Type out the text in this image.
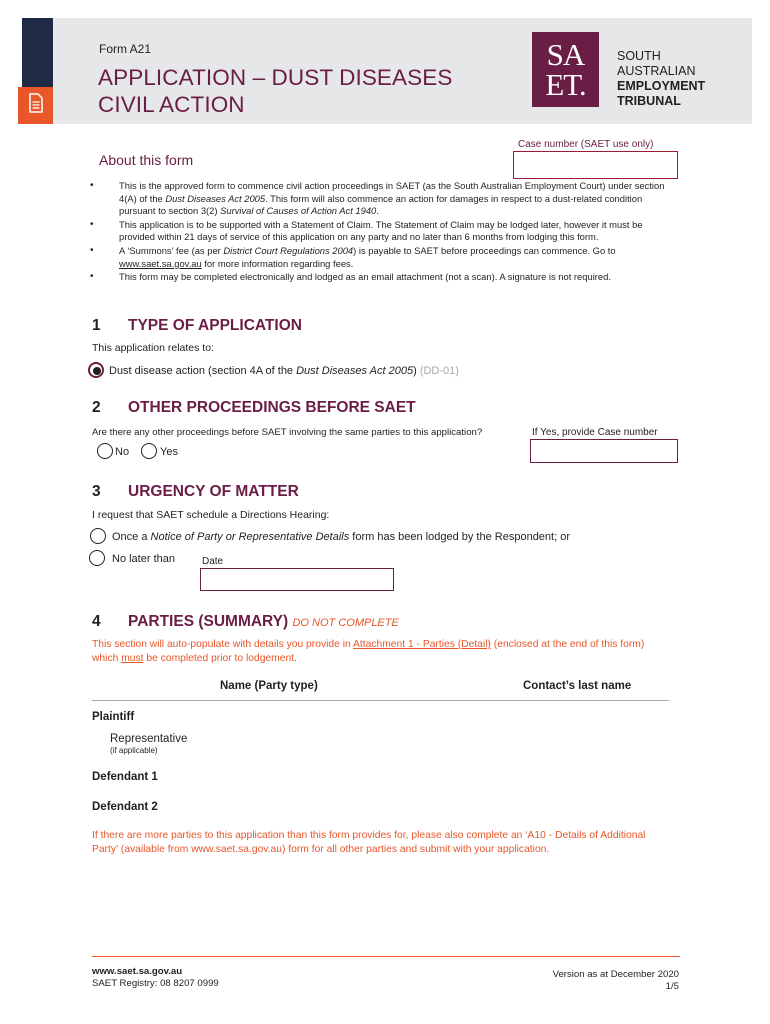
Form A21
APPLICATION – DUST DISEASES
CIVIL ACTION
SA
ET.
SOUTH
AUSTRALIAN
EMPLOYMENT
TRIBUNAL
Case number (SAET use only)
About this form
• This is the approved form to commence civil action proceedings in SAET (as the South Australian Employment Court) under section 4(A) of the Dust Diseases Act 2005. This form will also commence an action for damages in respect to a dust-related condition pursuant to section 3(2) Survival of Causes of Action Act 1940.
• This application is to be supported with a Statement of Claim. The Statement of Claim may be lodged later, however it must be provided within 21 days of service of this application on any party and no later than 6 months from lodging this form.
• A ‘Summons’ fee (as per District Court Regulations 2004) is payable to SAET before proceedings can commence. Go to www.saet.sa.gov.au for more information regarding fees.
• This form may be completed electronically and lodged as an email attachment (not a scan). A signature is not required.
1 TYPE OF APPLICATION
This application relates to:
Dust disease action (section 4A of the Dust Diseases Act 2005) (DD-01)
2 OTHER PROCEEDINGS BEFORE SAET
Are there any other proceedings before SAET involving the same parties to this application?	If Yes, provide Case number
No	Yes
3 URGENCY OF MATTER
I request that SAET schedule a Directions Hearing:
Once a Notice of Party or Representative Details form has been lodged by the Respondent; or
No later than	Date
4 PARTIES (SUMMARY) DO NOT COMPLETE
This section will auto-populate with details you provide in Attachment 1 - Parties (Detail) (enclosed at the end of this form) which must be completed prior to lodgement.
Name (Party type)	Contact’s last name
Plaintiff
Representative
(if applicable)
Defendant 1
Defendant 2
If there are more parties to this application than this form provides for, please also complete an ‘A10 - Details of Additional Party’ (available from www.saet.sa.gov.au) form for all other parties and submit with your application.
www.saet.sa.gov.au
SAET Registry: 08 8207 0999
Version as at December 2020
1/5
